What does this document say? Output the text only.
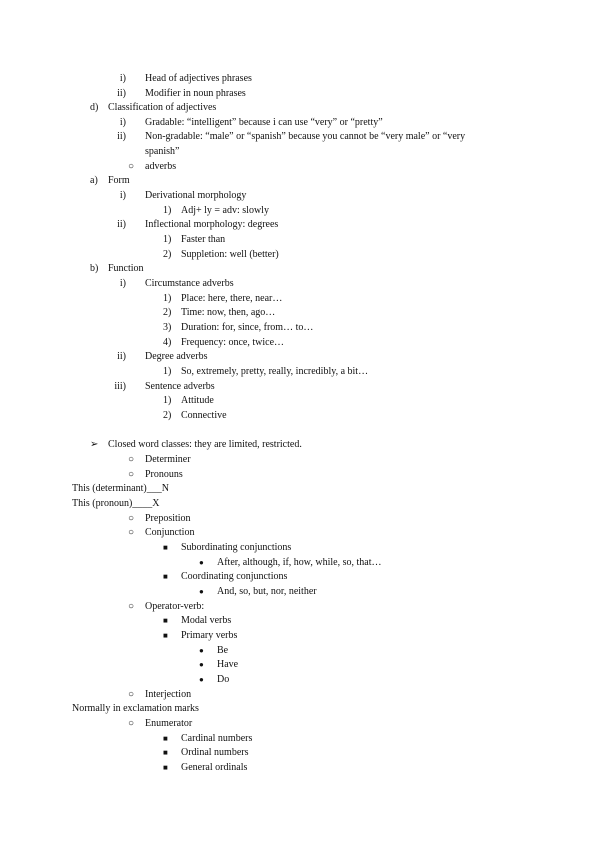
i) Head of adjectives phrases
ii) Modifier in noun phrases
d) Classification of adjectives
i) Gradable: “intelligent” because i can use “very” or “pretty”
ii) Non-gradable: “male” or “spanish” because you cannot be “very male” or “very
spanish”
○ adverbs
a) Form
i) Derivational morphology
1) Adj+ ly = adv: slowly
ii) Inflectional morphology: degrees
1) Faster than
2) Suppletion: well (better)
b) Function
i) Circumstance adverbs
1) Place: here, there, near…
2) Time: now, then, ago…
3) Duration: for, since, from… to…
4) Frequency: once, twice…
ii) Degree adverbs
1) So, extremely, pretty, really, incredibly, a bit…
iii) Sentence adverbs
1) Attitude
2) Connective
➢ Closed word classes: they are limited, restricted.
○ Determiner
○ Pronouns
This (determinant)___N
This (pronoun)____X
○ Preposition
○ Conjunction
■ Subordinating conjunctions
● After, although, if, how, while, so, that…
■ Coordinating conjunctions
● And, so, but, nor, neither
○ Operator-verb:
■ Modal verbs
■ Primary verbs
● Be
● Have
● Do
○ Interjection
Normally in exclamation marks
○ Enumerator
■ Cardinal numbers
■ Ordinal numbers
■ General ordinals
